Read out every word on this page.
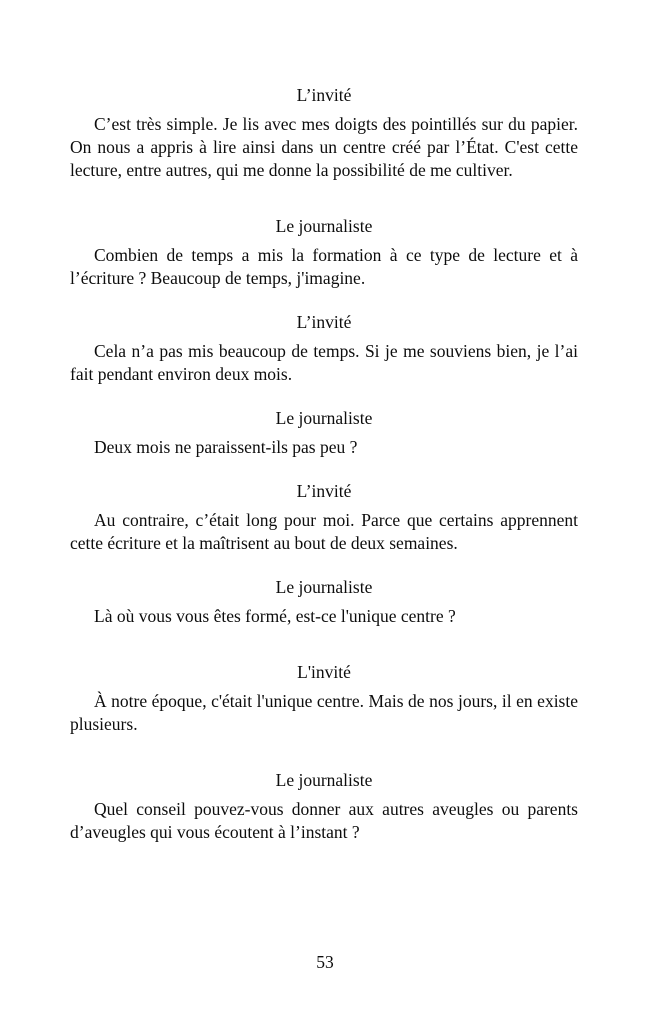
L’invité

C’est très simple. Je lis avec mes doigts des pointillés sur du papier. On nous a appris à lire ainsi dans un centre créé par l’État. C'est cette lecture, entre autres, qui me donne la possibilité de me cultiver.

Le journaliste

Combien de temps a mis la formation à ce type de lecture et à l’écriture ? Beaucoup de temps, j'imagine.

L’invité

Cela n’a pas mis beaucoup de temps. Si je me souviens bien, je l’ai fait pendant environ deux mois.

Le journaliste

Deux mois ne paraissent-ils pas peu ?

L’invité

Au contraire, c’était long pour moi. Parce que certains apprennent cette écriture et la maîtrisent au bout de deux semaines.

Le journaliste

Là où vous vous êtes formé, est-ce l'unique centre ?

L'invité

À notre époque, c'était l'unique centre. Mais de nos jours, il en existe plusieurs.

Le journaliste

Quel conseil pouvez-vous donner aux autres aveugles ou parents d’aveugles qui vous écoutent à l’instant ?

53
